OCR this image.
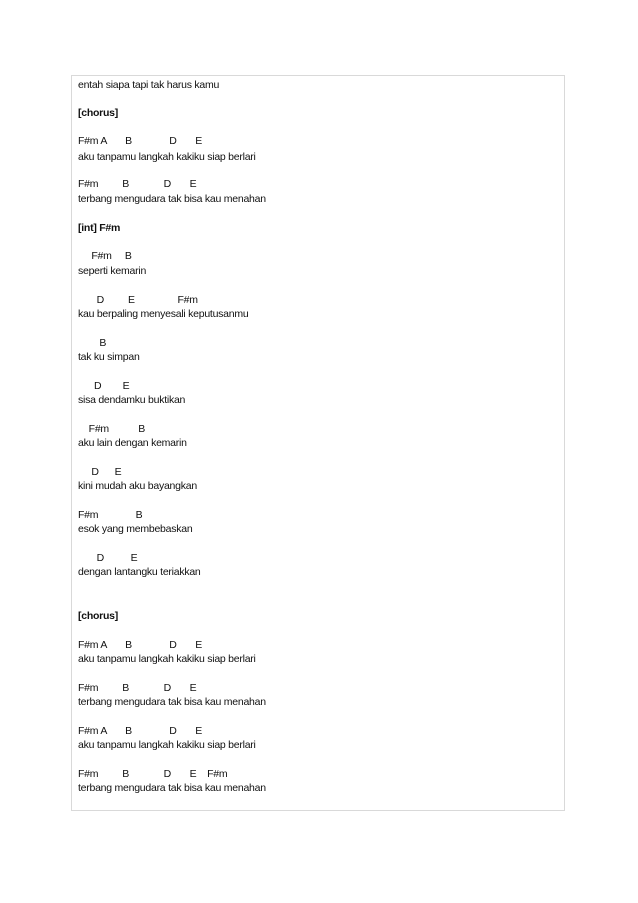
entah siapa tapi tak harus kamu
[chorus]
F#m A       B              D       E
aku tanpamu langkah kakiku siap berlari
F#m         B             D       E
terbang mengudara tak bisa kau menahan
[int] F#m
F#m     B
seperti kemarin
D         E                F#m
kau berpaling menyesali keputusanmu
B
tak ku simpan
D        E
sisa dendamku buktikan
F#m           B
aku lain dengan kemarin
D      E
kini mudah aku bayangkan
F#m              B
esok yang membebaskan
D          E
dengan lantangku teriakkan
[chorus]
F#m A       B              D       E
aku tanpamu langkah kakiku siap berlari
F#m         B             D       E
terbang mengudara tak bisa kau menahan
F#m A       B              D       E
aku tanpamu langkah kakiku siap berlari
F#m         B             D       E    F#m
terbang mengudara tak bisa kau menahan
